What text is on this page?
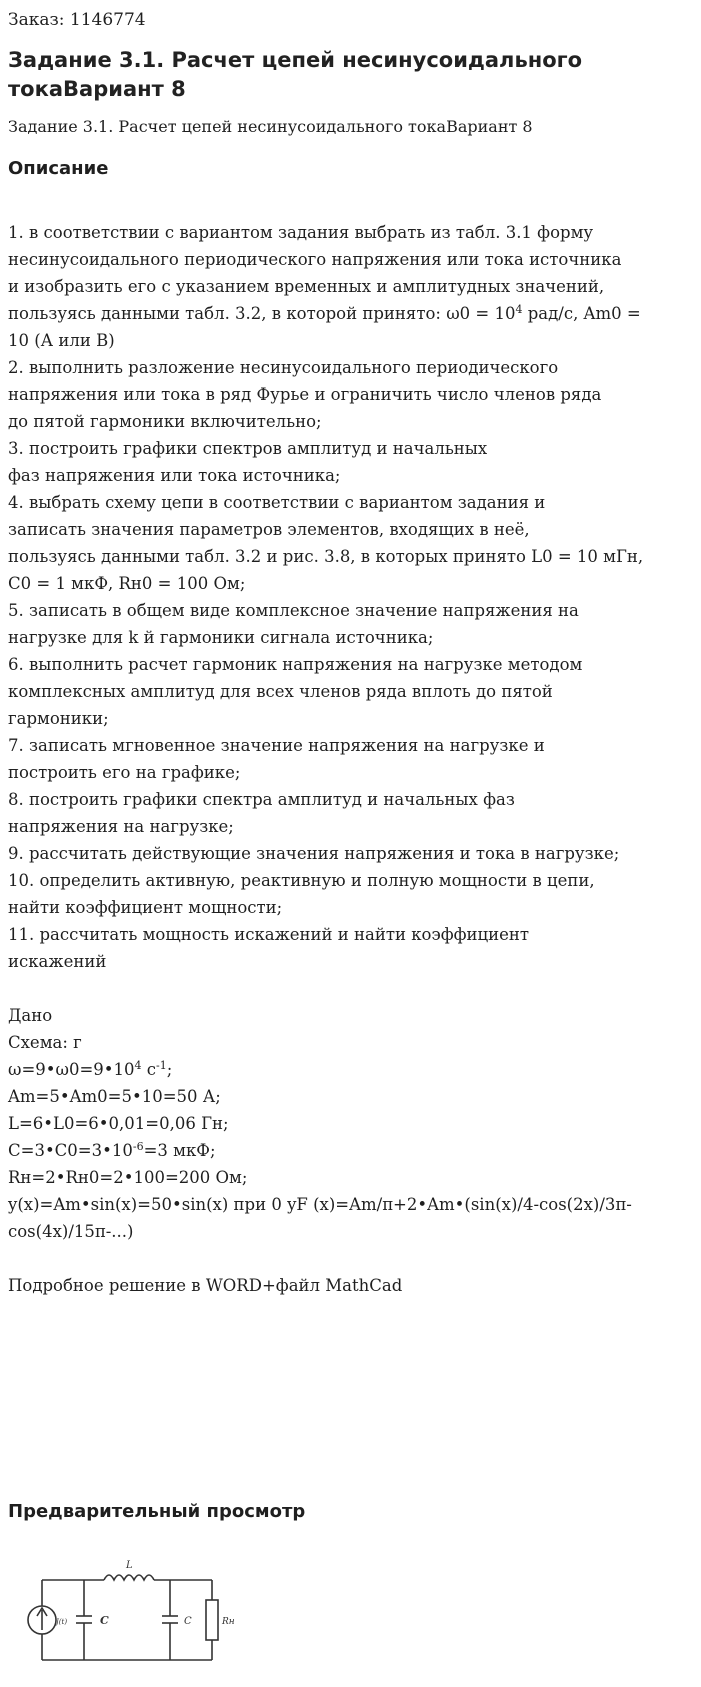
Заказ: 1146774
Задание 3.1. Расчет цепей несинусоидального токаВариант 8
Задание 3.1. Расчет цепей несинусоидального токаВариант 8
Описание
1. в соответствии с вариантом задания выбрать из табл. 3.1 форму
несинусоидального периодического напряжения или тока источника
и изобразить его с указанием временных и амплитудных значений,
пользуясь данными табл. 3.2, в которой принято: $\omega 0 = 10^4$ рад/с, Am0 =
10 (А или В)
2. выполнить разложение несинусоидального периодического
напряжения или тока в ряд Фурье и ограничить число членов ряда
до пятой гармоники включительно;
3. построить графики спектров амплитуд и начальных
фаз напряжения или тока источника;
4. выбрать схему цепи в соответствии с вариантом задания и
записать значения параметров элементов, входящих в неё,
пользуясь данными табл. 3.2 и рис. 3.8, в которых принято L0 = 10 мГн,
C0 = 1 мкФ, Rн0 = 100 Ом;
5. записать в общем виде комплексное значение напряжения на
нагрузке для k й гармоники сигнала источника;
6. выполнить расчет гармоник напряжения на нагрузке методом
комплексных амплитуд для всех членов ряда вплоть до пятой
гармоники;
7. записать мгновенное значение напряжения на нагрузке и
построить его на графике;
8. построить графики спектра амплитуд и начальных фаз
напряжения на нагрузке;
9. рассчитать действующие значения напряжения и тока в нагрузке;
10. определить активную, реактивную и полную мощности в цепи,
найти коэффициент мощности;
11. рассчитать мощность искажений и найти коэффициент
искажений
Дано
Схема: г
$\omega=9•\omega 0=9•10^4$ $с^{-1}$;
Am=5•Am0=5•10=50 А;
L=6•L0=6•0,01=0,06 Гн;
$C=3•C0=3•10^{-6}=3$ мкФ;
Rн=2•Rн0=2•100=200 Ом;
y(x)=Am•sin(x)=50•sin(x) при 0 yF (x)=Am/π+2•Am•(sin(x)/4-cos(2x)/3π-
cos(4x)/15π-...)
Подробное решение в WORD+файл MathCad
Предварительный просмотр
L
J(t)	C	C	Rн
